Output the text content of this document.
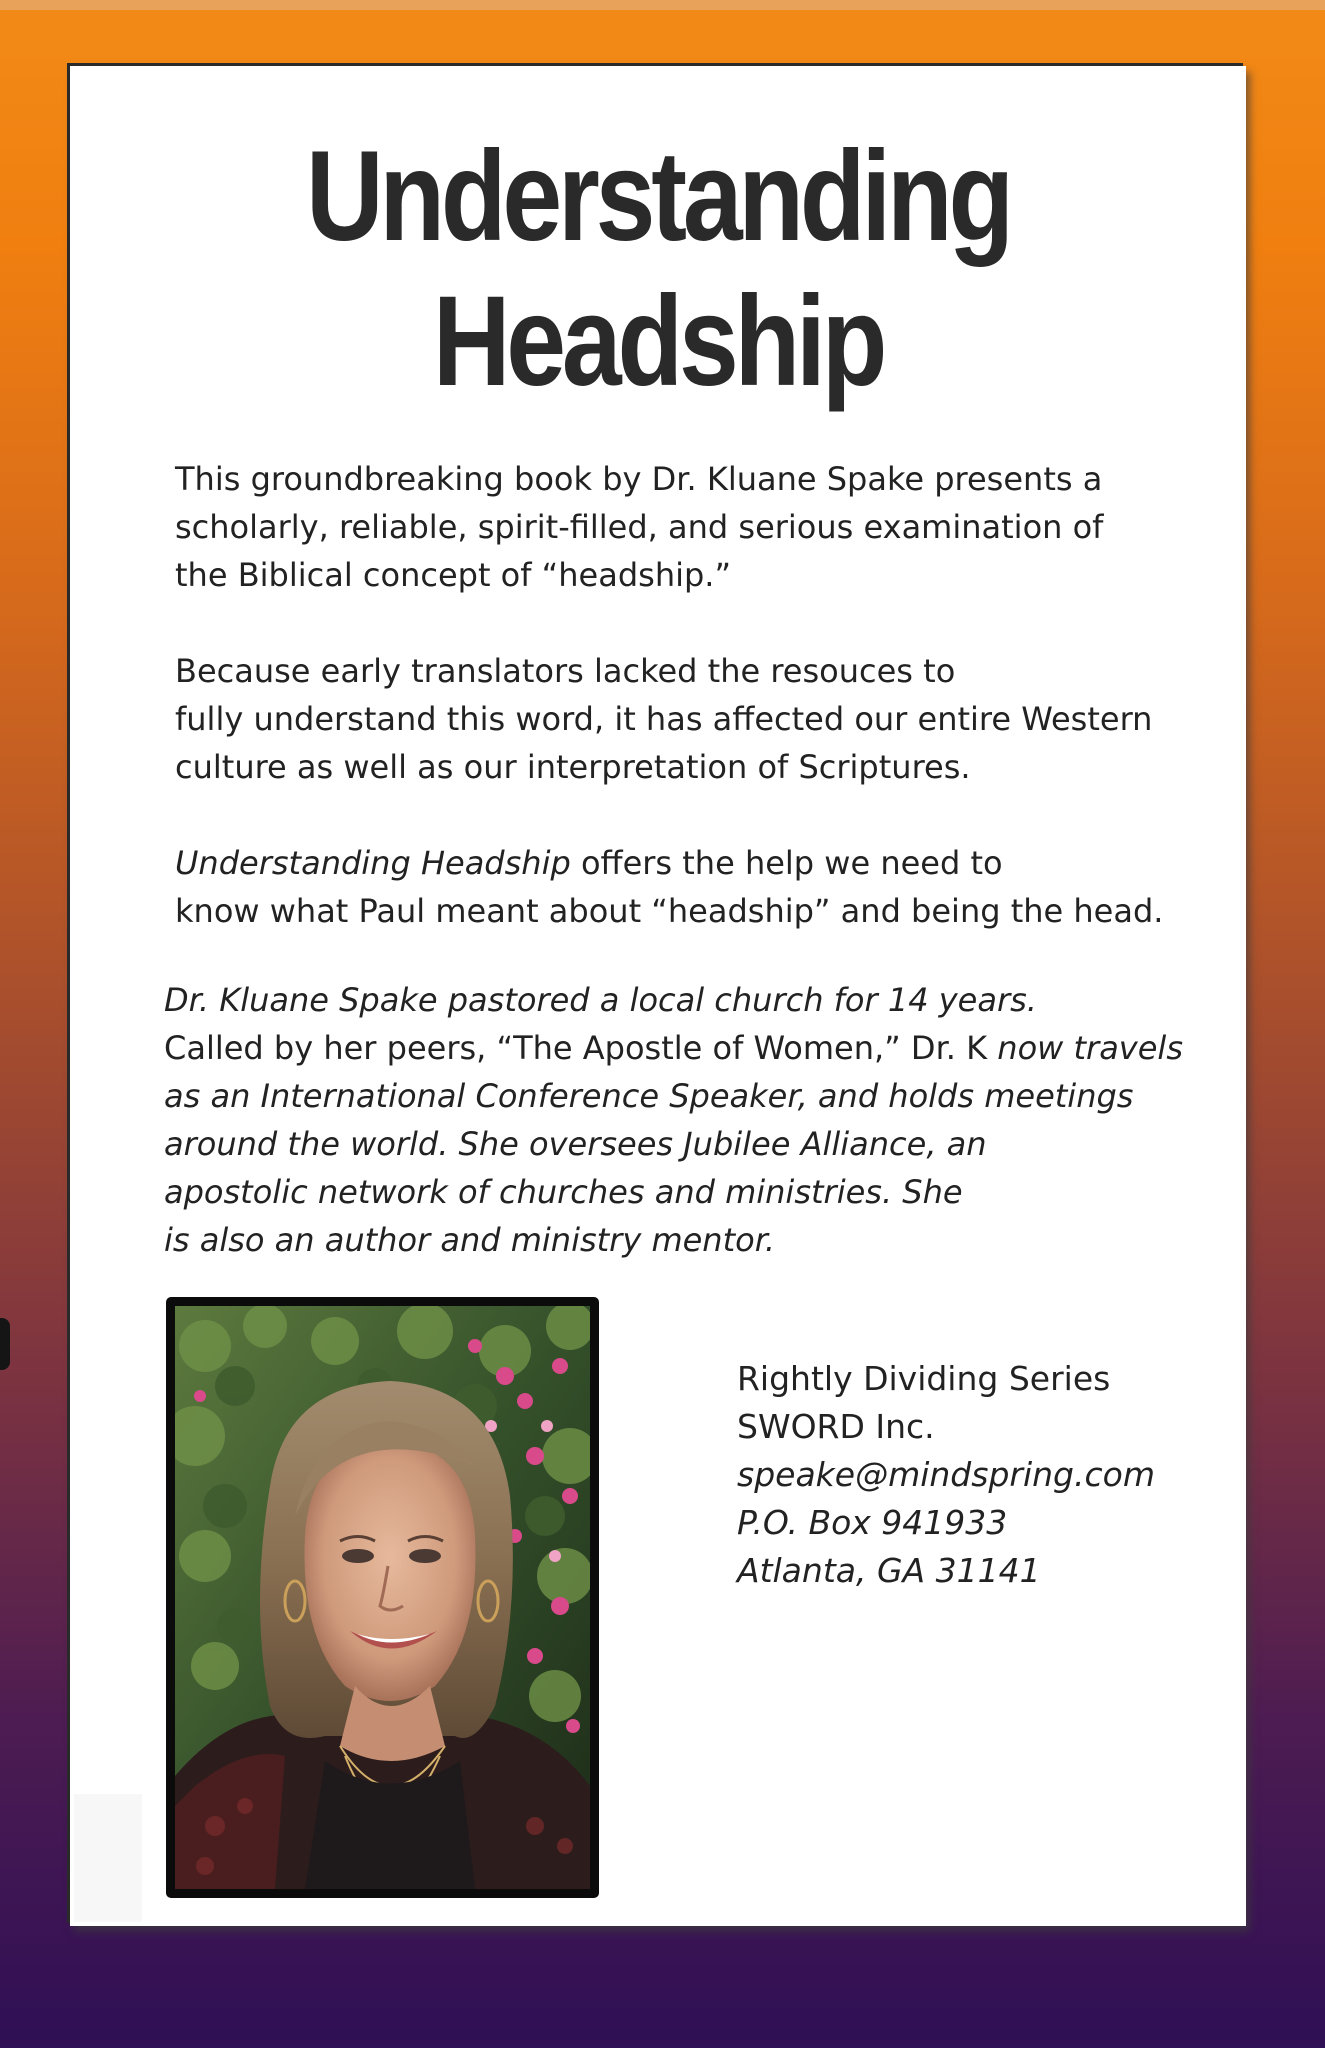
Understanding
Headship

This groundbreaking book by Dr. Kluane Spake presents a
scholarly, reliable, spirit-filled, and serious examination of
the Biblical concept of “headship.”

Because early translators lacked the resouces to
fully understand this word, it has affected our entire Western
culture as well as our interpretation of Scriptures.

Understanding Headship offers the help we need to
know what Paul meant about “headship” and being the head.

Dr. Kluane Spake pastored a local church for 14 years.
Called by her peers, “The Apostle of Women,” Dr. K now travels
as an International Conference Speaker, and holds meetings
around the world. She oversees Jubilee Alliance, an
apostolic network of churches and ministries. She
is also an author and ministry mentor.

Rightly Dividing Series
SWORD Inc.
speake@mindspring.com
P.O. Box 941933
Atlanta, GA 31141
